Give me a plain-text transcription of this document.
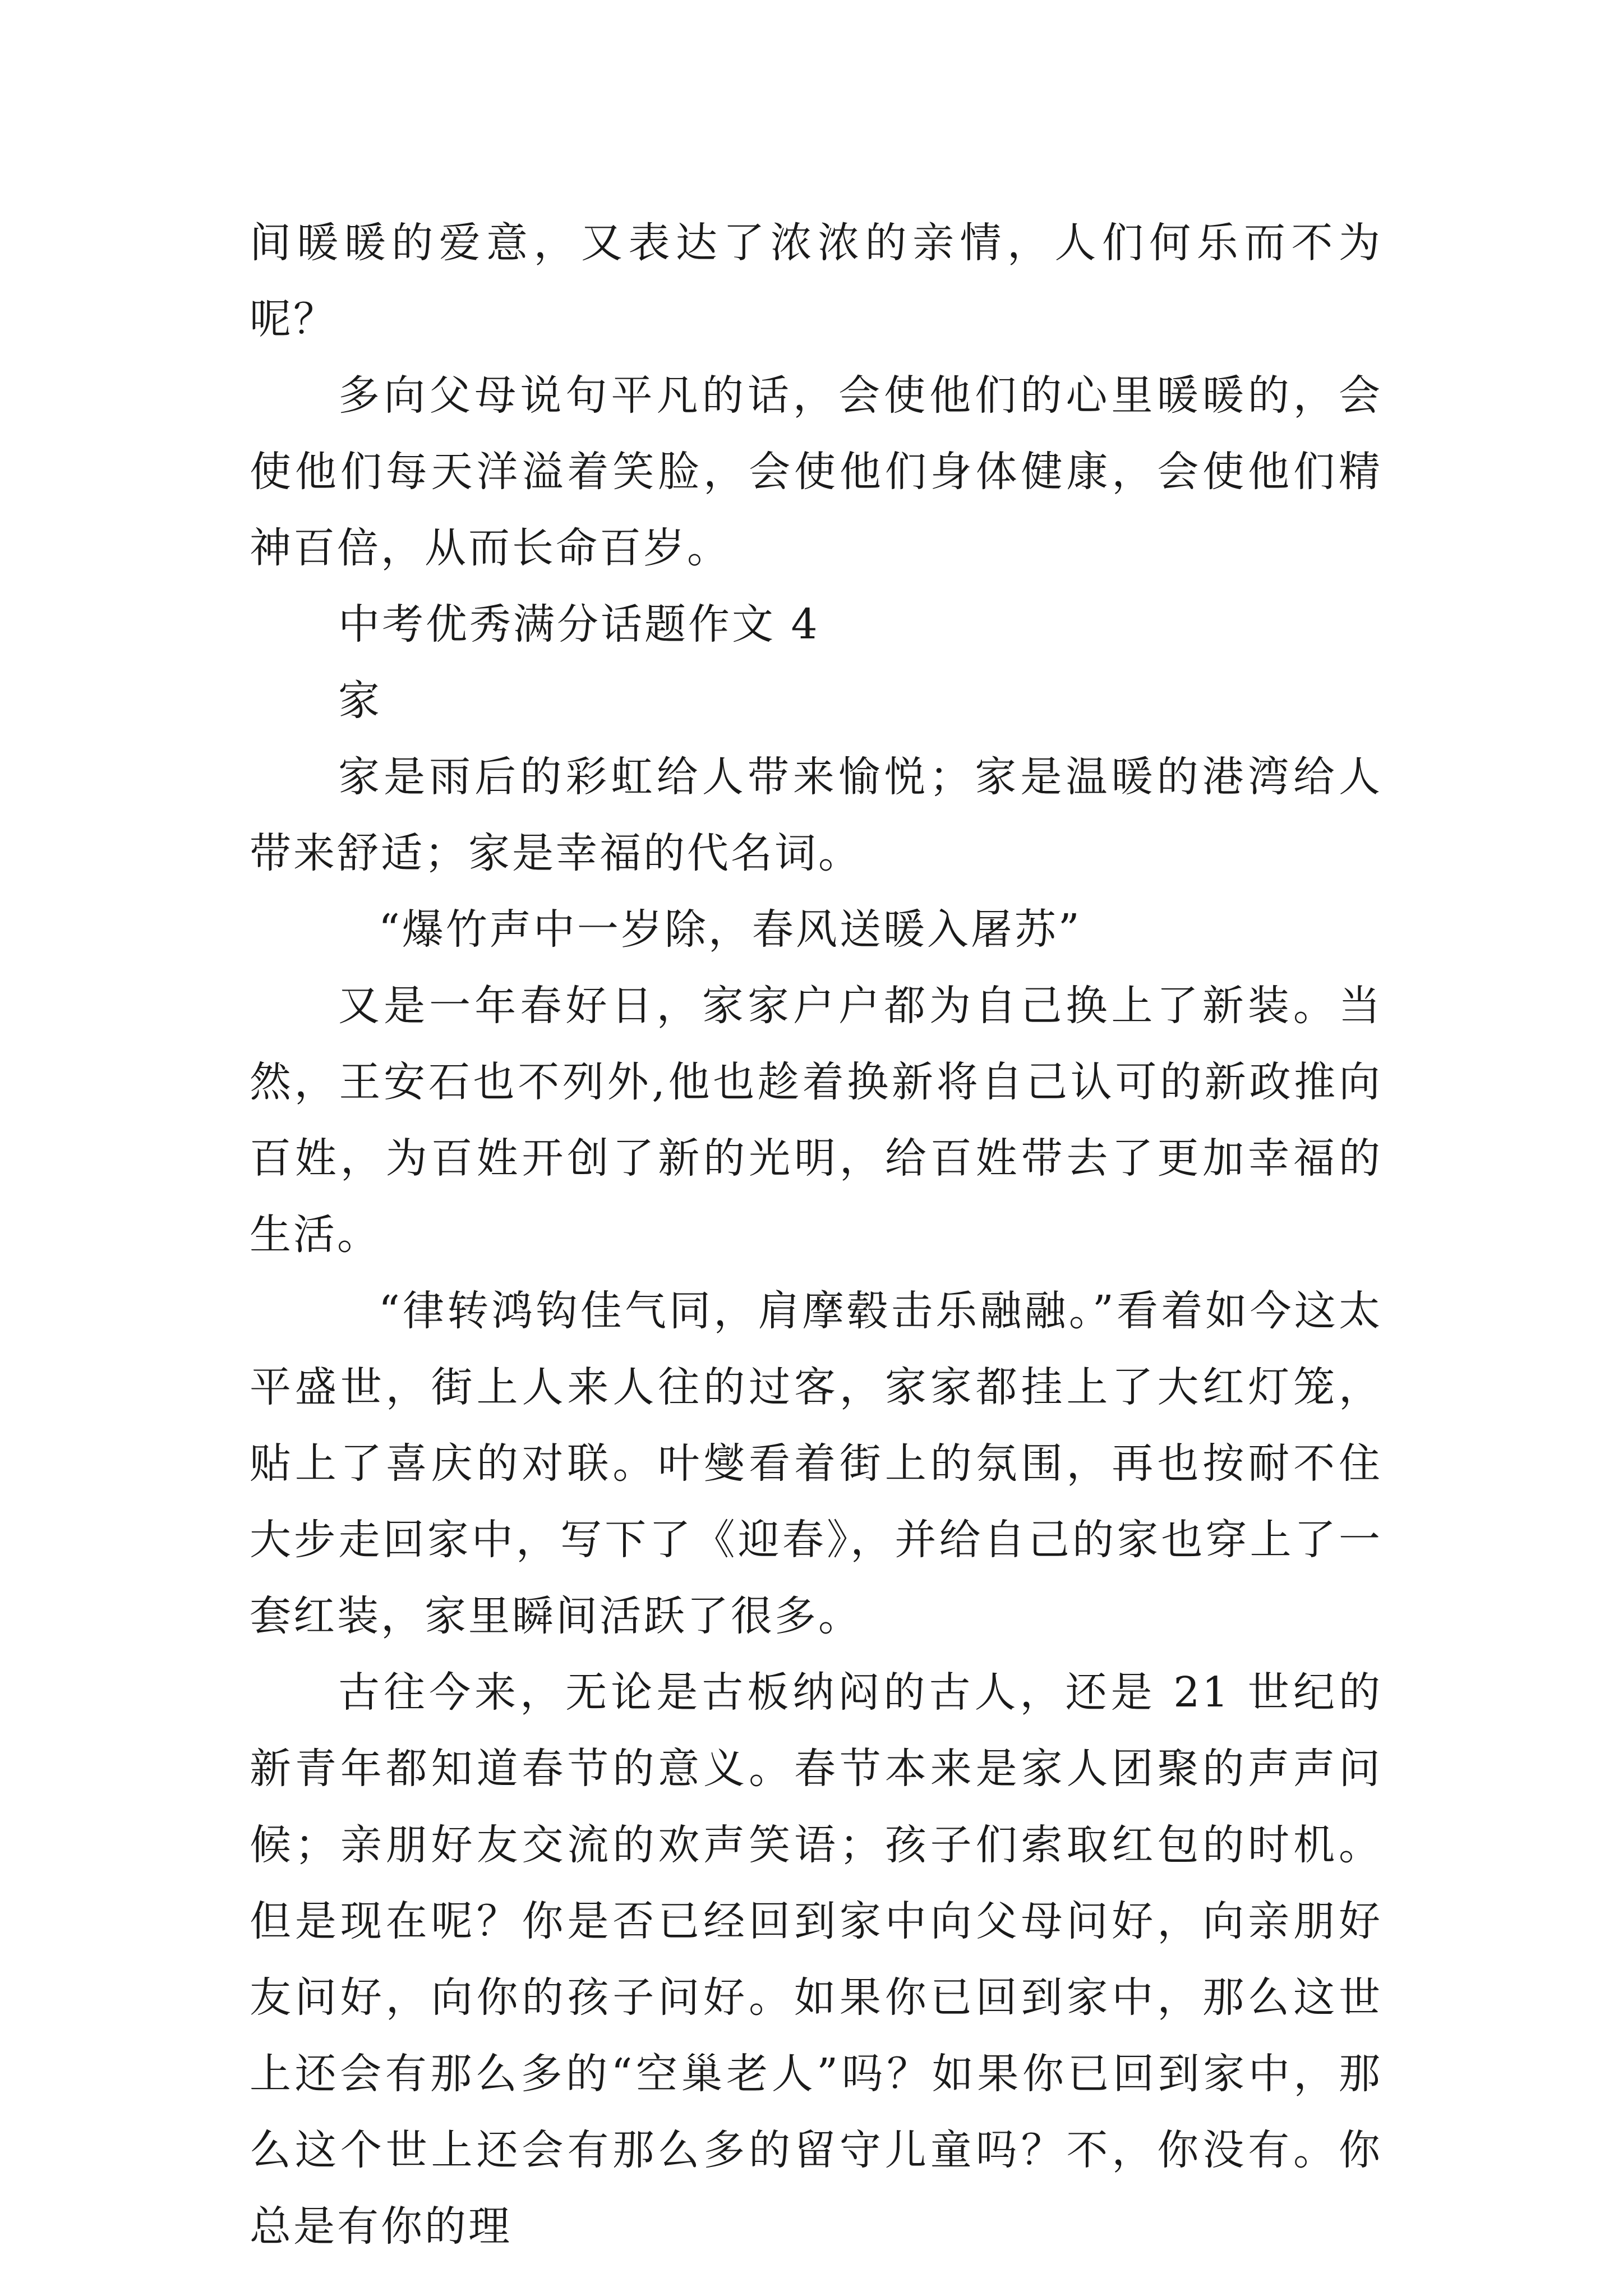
间暖暖的爱意，又表达了浓浓的亲情，人们何乐而不为呢？

多向父母说句平凡的话，会使他们的心里暖暖的，会使他们每天洋溢着笑脸，会使他们身体健康，会使他们精神百倍，从而长命百岁。

中考优秀满分话题作文 4

家

家是雨后的彩虹给人带来愉悦；家是温暖的港湾给人带来舒适；家是幸福的代名词。

“爆竹声中一岁除，春风送暖入屠苏”

又是一年春好日，家家户户都为自己换上了新装。当然，王安石也不列外,他也趁着换新将自己认可的新政推向百姓，为百姓开创了新的光明，给百姓带去了更加幸福的生活。

“律转鸿钩佳气同，肩摩毂击乐融融。”看着如今这太平盛世，街上人来人往的过客，家家都挂上了大红灯笼，贴上了喜庆的对联。叶燮看着街上的氛围，再也按耐不住大步走回家中，写下了《迎春》，并给自己的家也穿上了一套红装，家里瞬间活跃了很多。

古往今来，无论是古板纳闷的古人，还是 21 世纪的新青年都知道春节的意义。春节本来是家人团聚的声声问候；亲朋好友交流的欢声笑语；孩子们索取红包的时机。但是现在呢？你是否已经回到家中向父母问好，向亲朋好友问好，向你的孩子问好。如果你已回到家中，那么这世上还会有那么多的“空巢老人”吗？如果你已回到家中，那么这个世上还会有那么多的留守儿童吗？不，你没有。你总是有你的理
